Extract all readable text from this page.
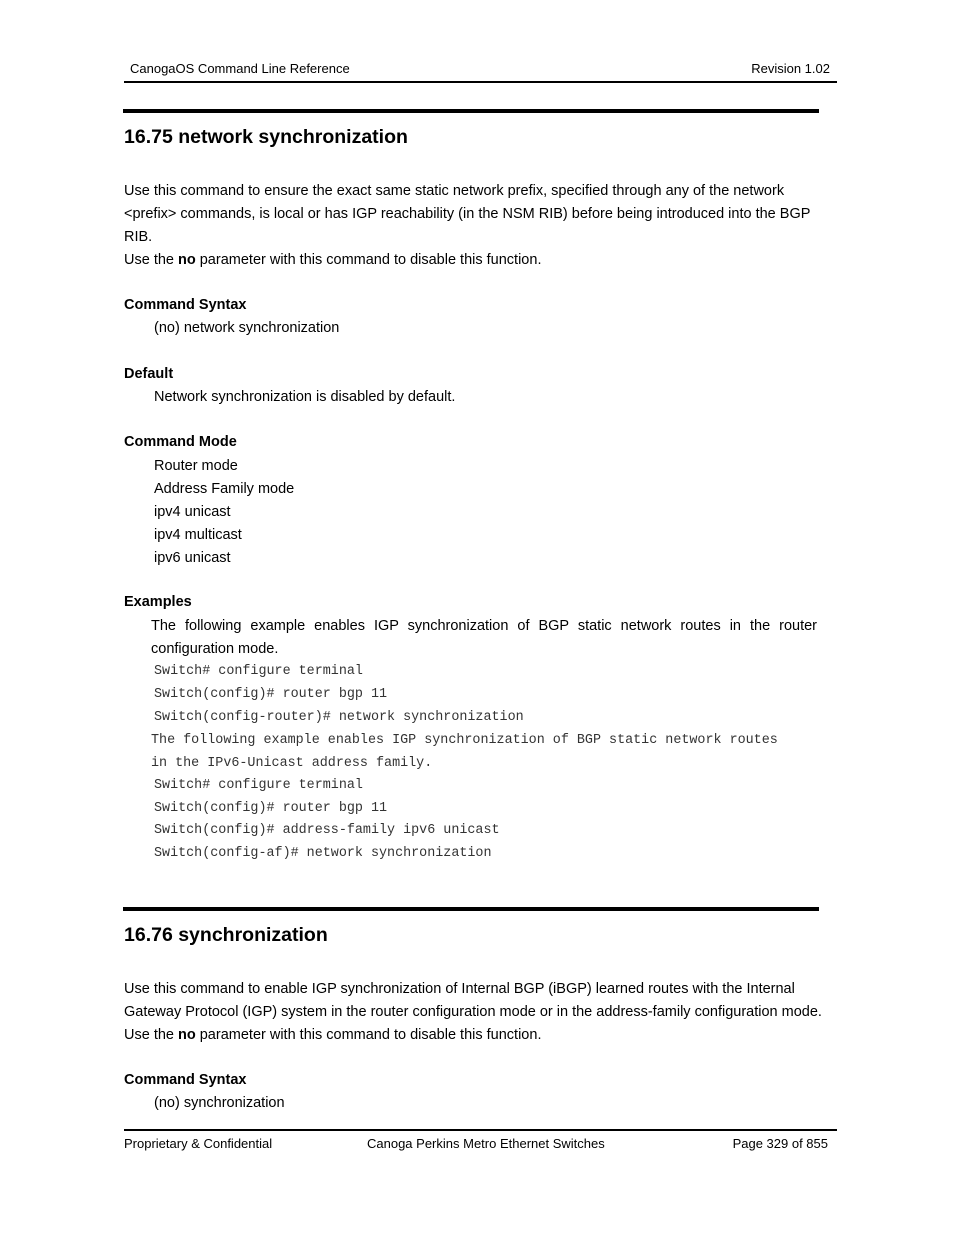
CanogaOS Command Line Reference	Revision 1.02
16.75 network synchronization
Use this command to ensure the exact same static network prefix, specified through any of the network
<prefix> commands, is local or has IGP reachability (in the NSM RIB) before being introduced into the BGP
RIB.
Use the no parameter with this command to disable this function.
Command Syntax
(no) network synchronization
Default
Network synchronization is disabled by default.
Command Mode
Router mode
Address Family mode
ipv4 unicast
ipv4 multicast
ipv6 unicast
Examples
The following example enables IGP synchronization of BGP static network routes in the router
configuration mode.
Switch# configure terminal
Switch(config)# router bgp 11
Switch(config-router)# network synchronization
The following example enables IGP synchronization of BGP static network routes
in the IPv6-Unicast address family.
Switch# configure terminal
Switch(config)# router bgp 11
Switch(config)# address-family ipv6 unicast
Switch(config-af)# network synchronization
16.76 synchronization
Use this command to enable IGP synchronization of Internal BGP (iBGP) learned routes with the Internal
Gateway Protocol (IGP) system in the router configuration mode or in the address-family configuration mode.
Use the no parameter with this command to disable this function.
Command Syntax
(no) synchronization
Proprietary & Confidential	Canoga Perkins Metro Ethernet Switches	Page 329 of 855
